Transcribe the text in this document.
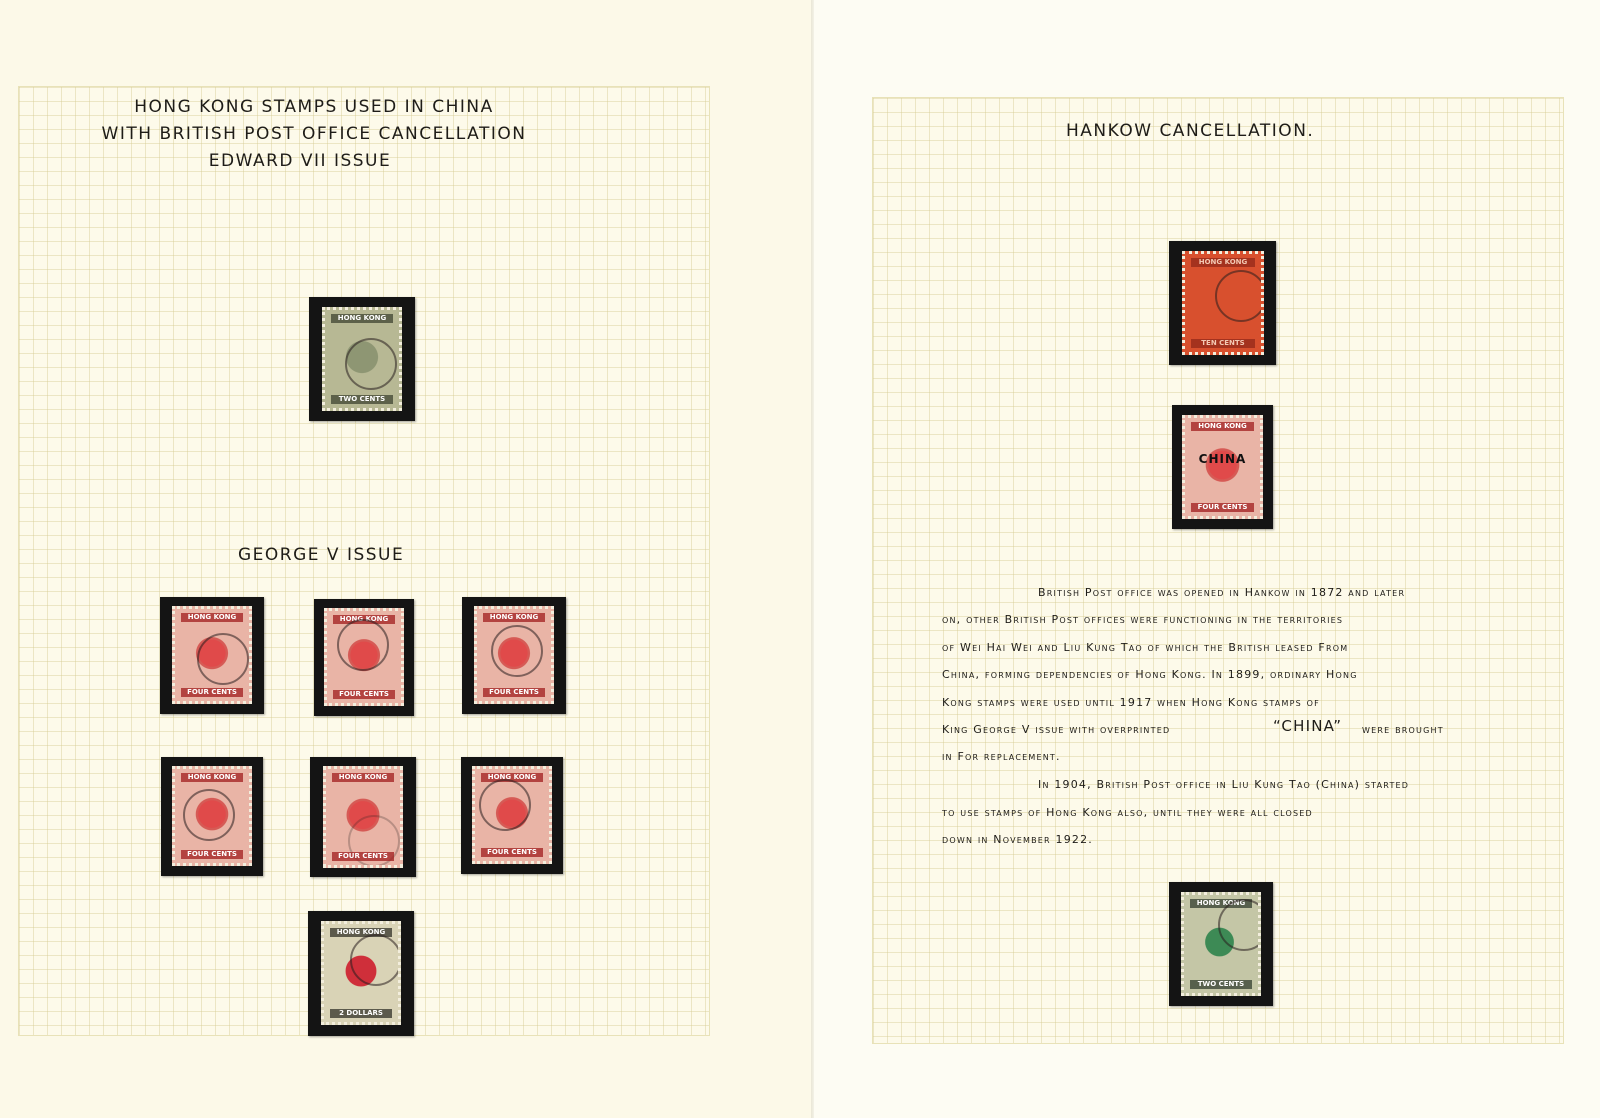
HONG KONG STAMPS USED IN CHINA
WITH BRITISH POST OFFICE CANCELLATION
EDWARD VII ISSUE
GEORGE V ISSUE
HONG KONG
TWO CENTS
HONG KONG
FOUR CENTS
HONG KONG
FOUR CENTS
HONG KONG
FOUR CENTS
HONG KONG
FOUR CENTS
HONG KONG
FOUR CENTS
HONG KONG
FOUR CENTS
HONG KONG
2 DOLLARS
HANKOW CANCELLATION.
HONG KONG
TEN CENTS
HONG KONG
CHINA
FOUR CENTS
HONG KONG
TWO CENTS
British Post office was opened in Hankow in 1872 and later
on, other British Post offices were functioning in the territories
of Wei Hai Wei and Liu Kung Tao of which the British leased From
China, forming dependencies of Hong Kong. In 1899, ordinary Hong
Kong stamps were used until 1917 when Hong Kong stamps of
King George V issue with overprinted	“CHINA” were brought
in For replacement.
In 1904, British Post office in Liu Kung Tao (China) started
to use stamps of Hong Kong also, until they were all closed
down in November 1922.
